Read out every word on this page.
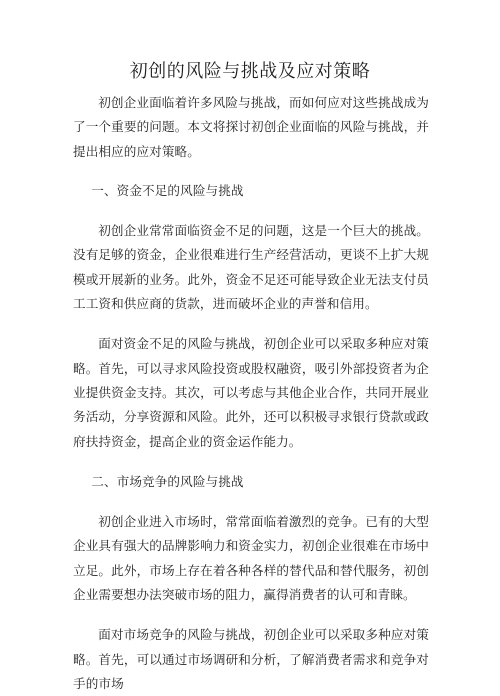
初创的风险与挑战及应对策略

初创企业面临着许多风险与挑战，而如何应对这些挑战成为了一个重要的问题。本文将探讨初创企业面临的风险与挑战，并提出相应的应对策略。

一、资金不足的风险与挑战

初创企业常常面临资金不足的问题，这是一个巨大的挑战。没有足够的资金，企业很难进行生产经营活动，更谈不上扩大规模或开展新的业务。此外，资金不足还可能导致企业无法支付员工工资和供应商的货款，进而破坏企业的声誉和信用。

面对资金不足的风险与挑战，初创企业可以采取多种应对策略。首先，可以寻求风险投资或股权融资，吸引外部投资者为企业提供资金支持。其次，可以考虑与其他企业合作，共同开展业务活动，分享资源和风险。此外，还可以积极寻求银行贷款或政府扶持资金，提高企业的资金运作能力。

二、市场竞争的风险与挑战

初创企业进入市场时，常常面临着激烈的竞争。已有的大型企业具有强大的品牌影响力和资金实力，初创企业很难在市场中立足。此外，市场上存在着各种各样的替代品和替代服务，初创企业需要想办法突破市场的阻力，赢得消费者的认可和青睐。

面对市场竞争的风险与挑战，初创企业可以采取多种应对策略。首先，可以通过市场调研和分析，了解消费者需求和竞争对手的市场
